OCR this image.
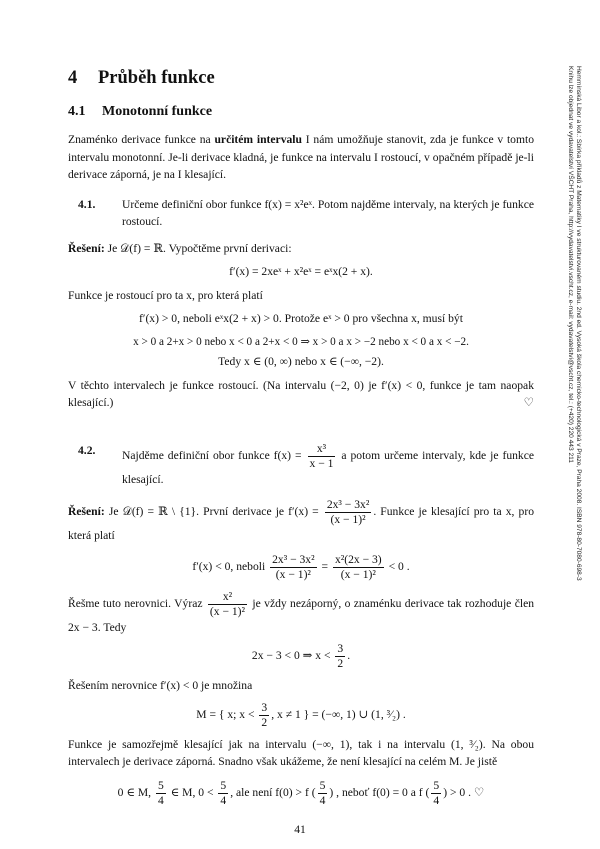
4 Průběh funkce
4.1 Monotonní funkce

Znaménko derivace funkce na určitém intervalu I nám umožňuje stanovit, zda je funkce v tomto intervalu monotonní. Je-li derivace kladná, je funkce na intervalu I rostoucí, v opačném případě je-li derivace záporná, je na I klesající.

4.1.	Určeme definiční obor funkce f(x) = x²eˣ. Potom najděme intervaly, na kterých je funkce rostoucí.

Řešení: Je 𝒟(f) = ℝ. Vypočtěme první derivaci:

f′(x) = 2xeˣ + x²eˣ = eˣx(2 + x).

Funkce je rostoucí pro ta x, pro která platí

f′(x) > 0, neboli eˣx(2 + x) > 0. Protože eˣ > 0 pro všechna x, musí být
x > 0 a 2+x > 0 nebo x < 0 a 2+x < 0 ⇒ x > 0 a x > −2 nebo x < 0 a x < −2.
Tedy x ∈ (0, ∞) nebo x ∈ (−∞, −2).

V těchto intervalech je funkce rostoucí. (Na intervalu (−2, 0) je f′(x) < 0, funkce je tam naopak klesající.)	♡

4.2.	Najděme definiční obor funkce $f(x) = \frac{\text{x³}}{x - 1}$ a potom určeme intervaly, kde je funkce klesající.

Řešení: Je 𝒟(f) = ℝ \ {1}. První derivace je $f'(x) = \frac{\text{2x³ − 3x²}}{\text{(x − 1)²}}$ . Funkce je klesající pro ta x, pro která platí

f′(x) < 0, neboli $\frac{\text{2x³ − 3x²}}{\text{(x − 1)²}} = \frac{\text{x²(2x − 3)}}{\text{(x − 1)²}} < 0$ .

Řešme tuto nerovnici. Výraz $\frac{\text{x²}}{\text{(x − 1)²}}$ je vždy nezáporný, o znaménku derivace tak rozhoduje člen 2x − 3. Tedy

2x − 3 < 0 ⇒ $x < \frac{3}{2}$ .

Řešením nerovnice f′(x) < 0 je množina

M = { x; $x < \frac{3}{2}$ , x ≠ 1 } = (−∞, 1) ∪ (1, ³⁄₂) .

Funkce je samozřejmě klesající jak na intervalu (−∞, 1), tak i na intervalu (1, ³⁄₂). Na obou intervalech je derivace záporná. Snadno však ukážeme, že není klesající na celém M. Je jistě

0 ∈ M, $\frac{5}{4}$ ∈ M, $0 < \frac{5}{4}$ , ale není f(0) > f ( $\frac{5}{4}$ ) , neboť f(0) = 0 a f ( $\frac{5}{4}$ ) > 0 . ♡
41
Hemmínská Libor a kol.: Sbírka příkladů z Matematiky I ve strukturovaném studiu. 2nd ed. Vysoká škola chemicko-technologická v Praze, Praha 2008. ISBN 978-80-7080-698-3
Knihu lze objednat ve vydavatelství VŠCHT Praha, http://vydavatelstvi.vscht.cz, e-mail: vydavatelstvi@vscht.cz, tel.: (+420) 220 443 211
